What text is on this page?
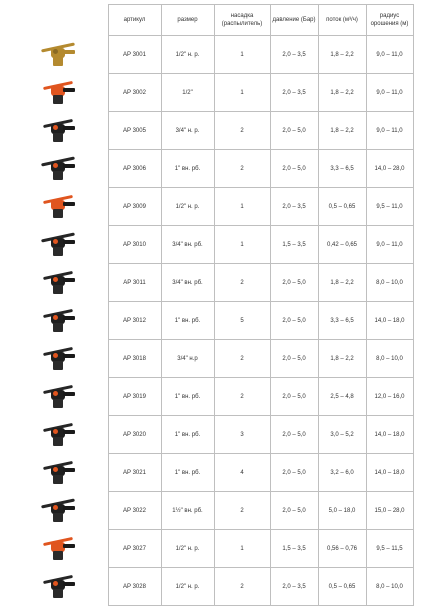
	артикул	размер	насадка (распылитель)	давление (Бар)	поток (м³/ч)	радиус орошения (м)

	AP 3001	1/2" н. р.	1	2,0 – 3,5	1,8 – 2,2	9,0 – 11,0

	AP 3002	1/2"	1	2,0 – 3,5	1,8 – 2,2	9,0 – 11,0

	AP 3005	3/4" н. р.	2	2,0 – 5,0	1,8 – 2,2	9,0 – 11,0

	AP 3006	1" вн. рб.	2	2,0 – 5,0	3,3 – 6,5	14,0 – 28,0

	AP 3009	1/2" н. р.	1	2,0 – 3,5	0,5 – 0,65	9,5 – 11,0

	AP 3010	3/4" вн. рб.	1	1,5 – 3,5	0,42 – 0,65	9,0 – 11,0

	AP 3011	3/4" вн. рб.	2	2,0 – 5,0	1,8 – 2,2	8,0 – 10,0

	AP 3012	1" вн. рб.	5	2,0 – 5,0	3,3 – 6,5	14,0 – 18,0

	AP 3018	3/4" н.р	2	2,0 – 5,0	1,8 – 2,2	8,0 – 10,0

	AP 3019	1" вн. рб.	2	2,0 – 5,0	2,5 – 4,8	12,0 – 16,0

	AP 3020	1" вн. рб.	3	2,0 – 5,0	3,0 – 5,2	14,0 – 18,0

	AP 3021	1" вн. рб.	4	2,0 – 5,0	3,2 – 6,0	14,0 – 18,0

	AP 3022	1½" вн. рб.	2	2,0 – 5,0	5,0 – 18,0	15,0 – 28,0

	AP 3027	1/2" н. р.	1	1,5 – 3,5	0,56 – 0,76	9,5 – 11,5

	AP 3028	1/2" н. р.	2	2,0 – 3,5	0,5 – 0,65	8,0 – 10,0
